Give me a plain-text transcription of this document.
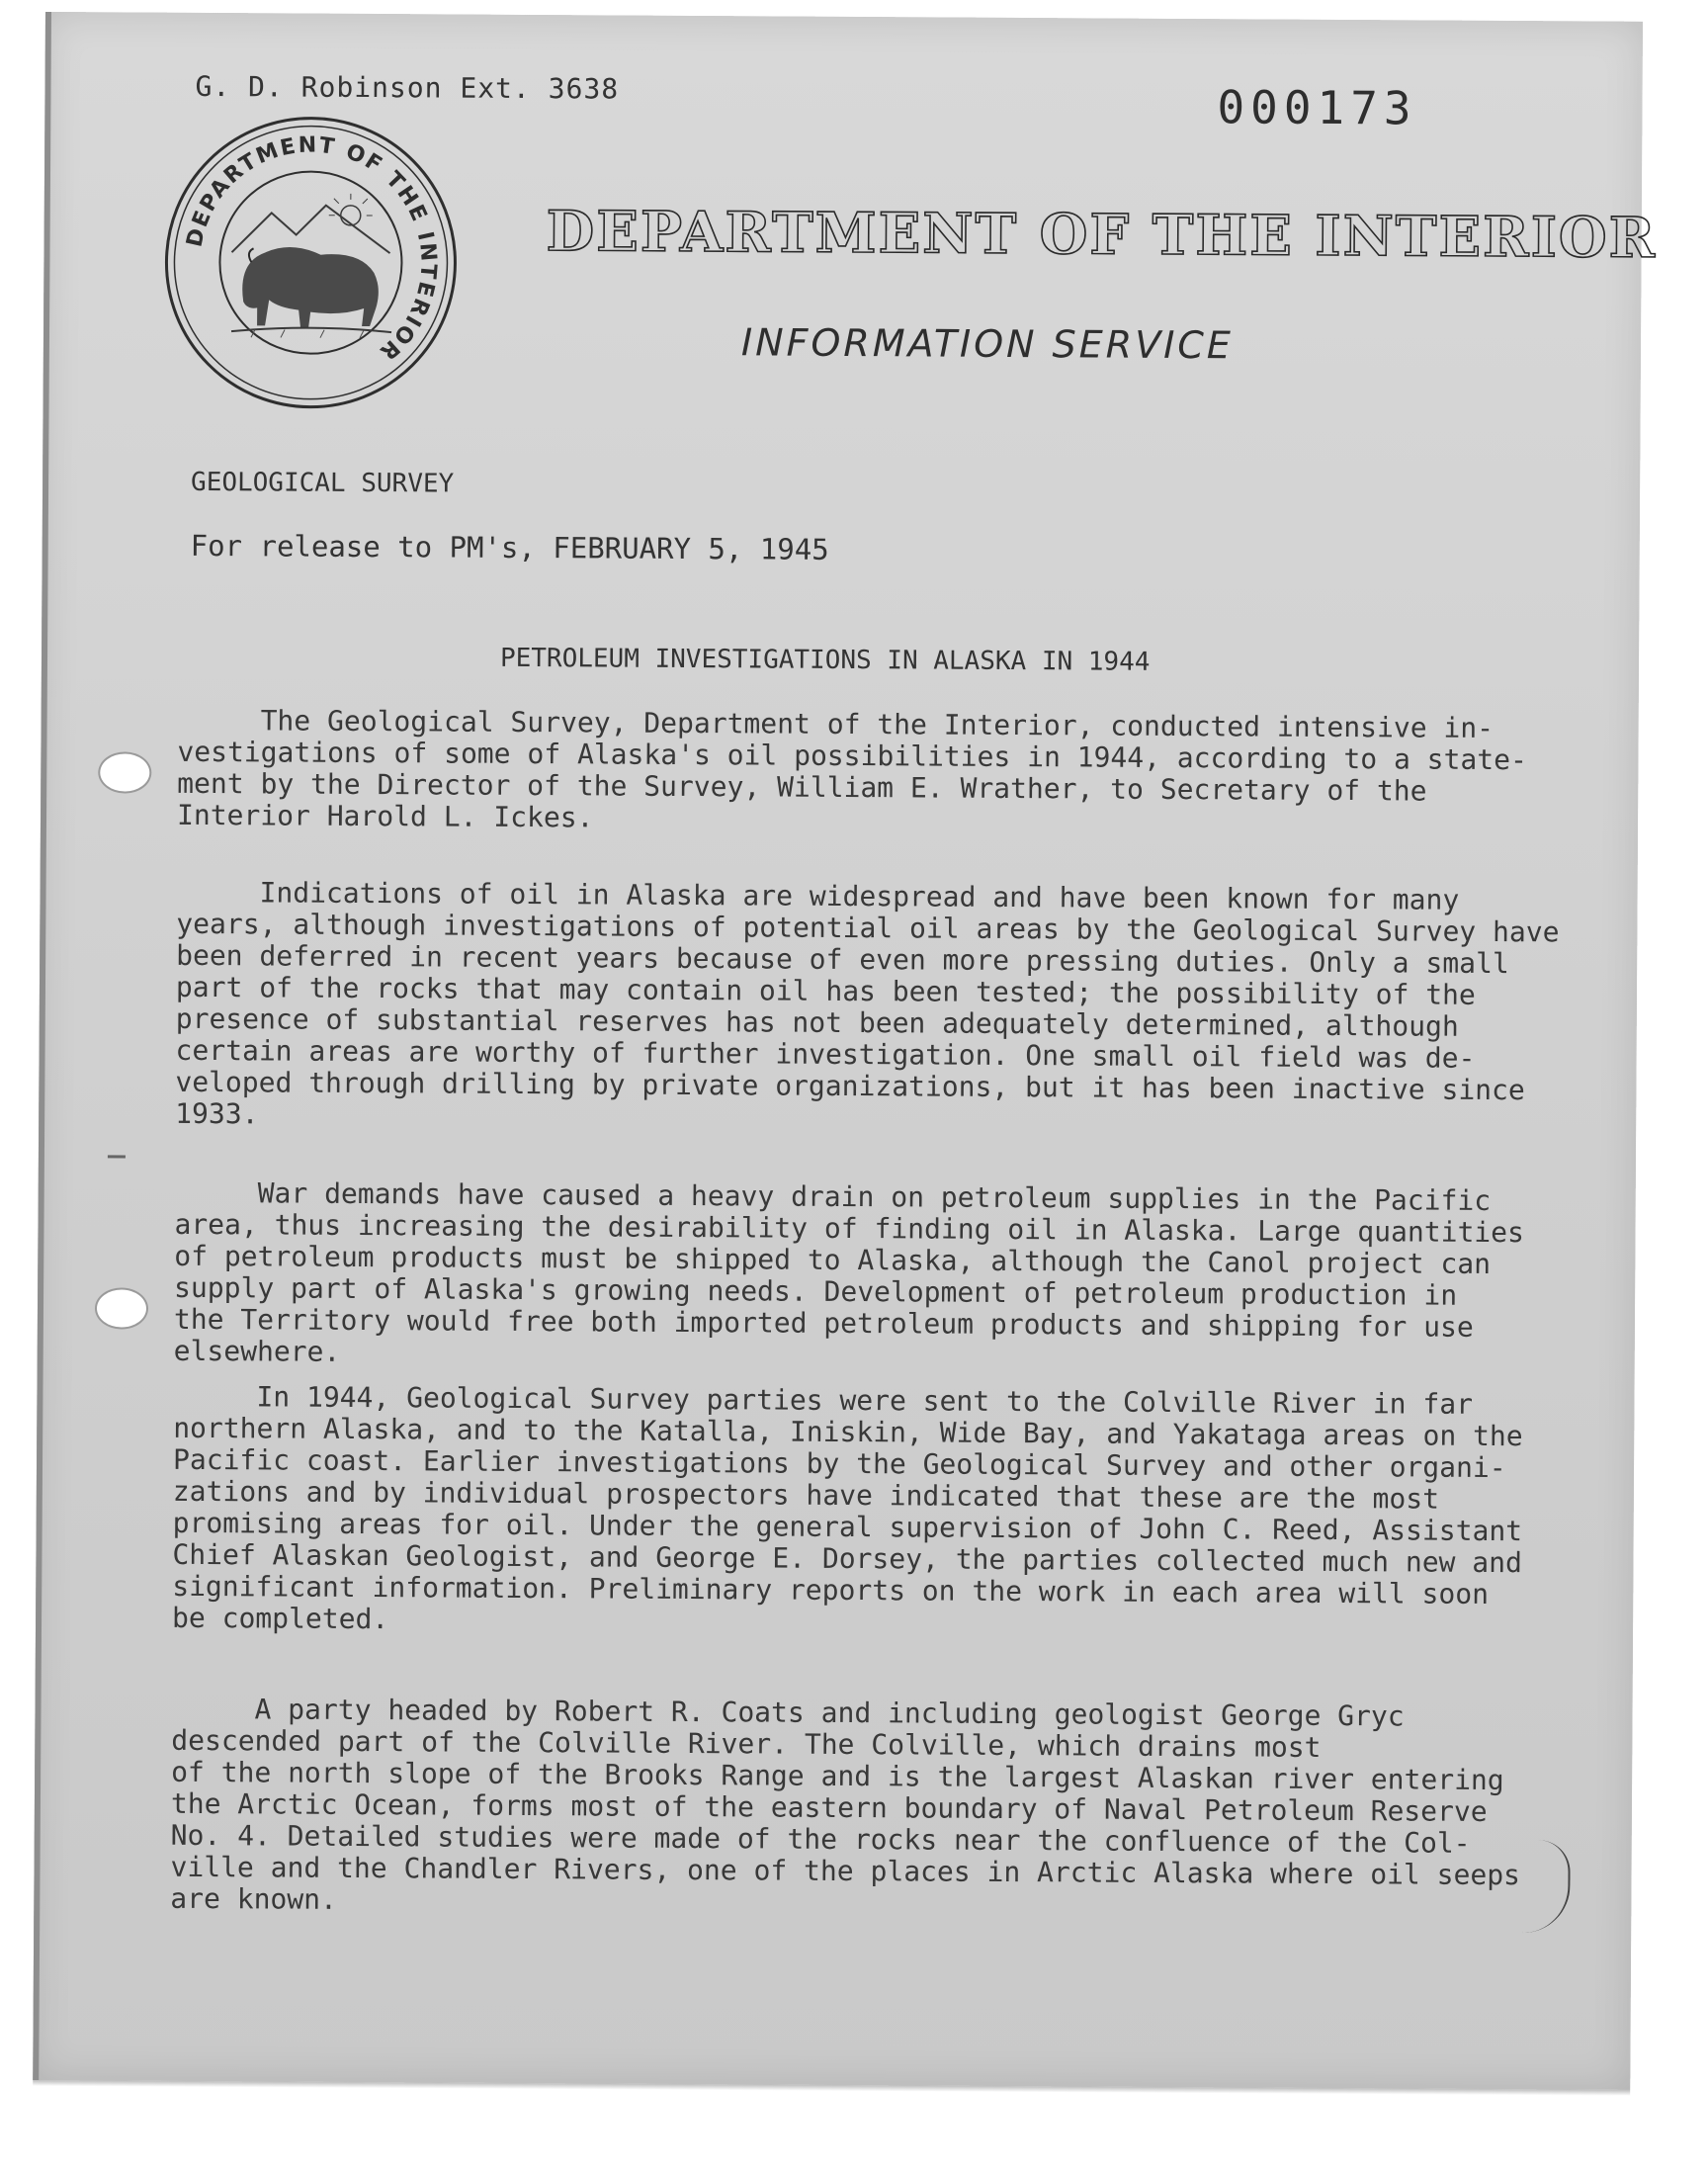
G. D. Robinson Ext. 3638	000173
DEPARTMENT OF THE INTERIOR
DEPARTMENT OF THE INTERIOR
INFORMATION SERVICE
GEOLOGICAL SURVEY
For release to PM's, FEBRUARY 5, 1945
PETROLEUM INVESTIGATIONS IN ALASKA IN 1944
The Geological Survey, Department of the Interior, conducted intensive in-
vestigations of some of Alaska's oil possibilities in 1944, according to a state-
ment by the Director of the Survey, William E. Wrather, to Secretary of the
Interior Harold L. Ickes.
Indications of oil in Alaska are widespread and have been known for many
years, although investigations of potential oil areas by the Geological Survey have
been deferred in recent years because of even more pressing duties. Only a small
part of the rocks that may contain oil has been tested; the possibility of the
presence of substantial reserves has not been adequately determined, although
certain areas are worthy of further investigation. One small oil field was de-
veloped through drilling by private organizations, but it has been inactive since
1933.
War demands have caused a heavy drain on petroleum supplies in the Pacific
area, thus increasing the desirability of finding oil in Alaska. Large quantities
of petroleum products must be shipped to Alaska, although the Canol project can
supply part of Alaska's growing needs. Development of petroleum production in
the Territory would free both imported petroleum products and shipping for use
elsewhere.
In 1944, Geological Survey parties were sent to the Colville River in far
northern Alaska, and to the Katalla, Iniskin, Wide Bay, and Yakataga areas on the
Pacific coast. Earlier investigations by the Geological Survey and other organi-
zations and by individual prospectors have indicated that these are the most
promising areas for oil. Under the general supervision of John C. Reed, Assistant
Chief Alaskan Geologist, and George E. Dorsey, the parties collected much new and
significant information. Preliminary reports on the work in each area will soon
be completed.
A party headed by Robert R. Coats and including geologist George Gryc
descended part of the Colville River. The Colville, which drains most
of the north slope of the Brooks Range and is the largest Alaskan river entering
the Arctic Ocean, forms most of the eastern boundary of Naval Petroleum Reserve
No. 4. Detailed studies were made of the rocks near the confluence of the Col-
ville and the Chandler Rivers, one of the places in Arctic Alaska where oil seeps
are known.
